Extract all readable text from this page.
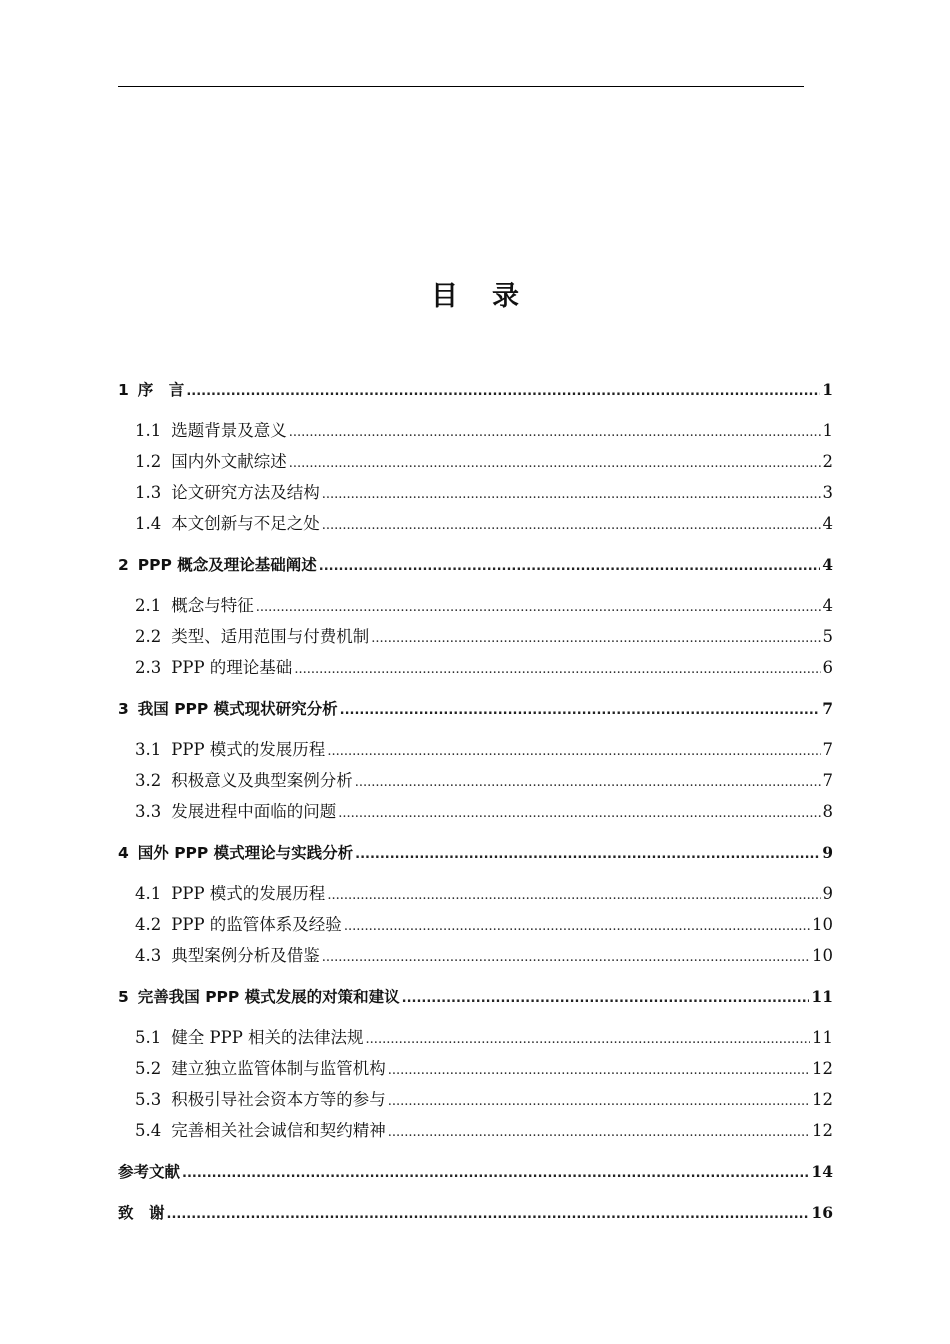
目录
1 序　言 .....	1
1.1 选题背景及意义 .....	1
1.2 国内外文献综述 .....	2
1.3 论文研究方法及结构 .....	3
1.4 本文创新与不足之处 .....	4
2 PPP 概念及理论基础阐述 .....	4
2.1 概念与特征 .....	4
2.2 类型、适用范围与付费机制 .....	5
2.3 PPP 的理论基础 .....	6
3 我国 PPP 模式现状研究分析 .....	7
3.1 PPP 模式的发展历程 .....	7
3.2 积极意义及典型案例分析 .....	7
3.3 发展进程中面临的问题 .....	8
4 国外 PPP 模式理论与实践分析 .....	9
4.1 PPP 模式的发展历程 .....	9
4.2 PPP 的监管体系及经验 .....	10
4.3 典型案例分析及借鉴 .....	10
5 完善我国 PPP 模式发展的对策和建议 .....	11
5.1 健全 PPP 相关的法律法规 .....	11
5.2 建立独立监管体制与监管机构 .....	12
5.3 积极引导社会资本方等的参与 .....	12
5.4 完善相关社会诚信和契约精神 .....	12
参考文献 .....	14
致　谢 .....	16
